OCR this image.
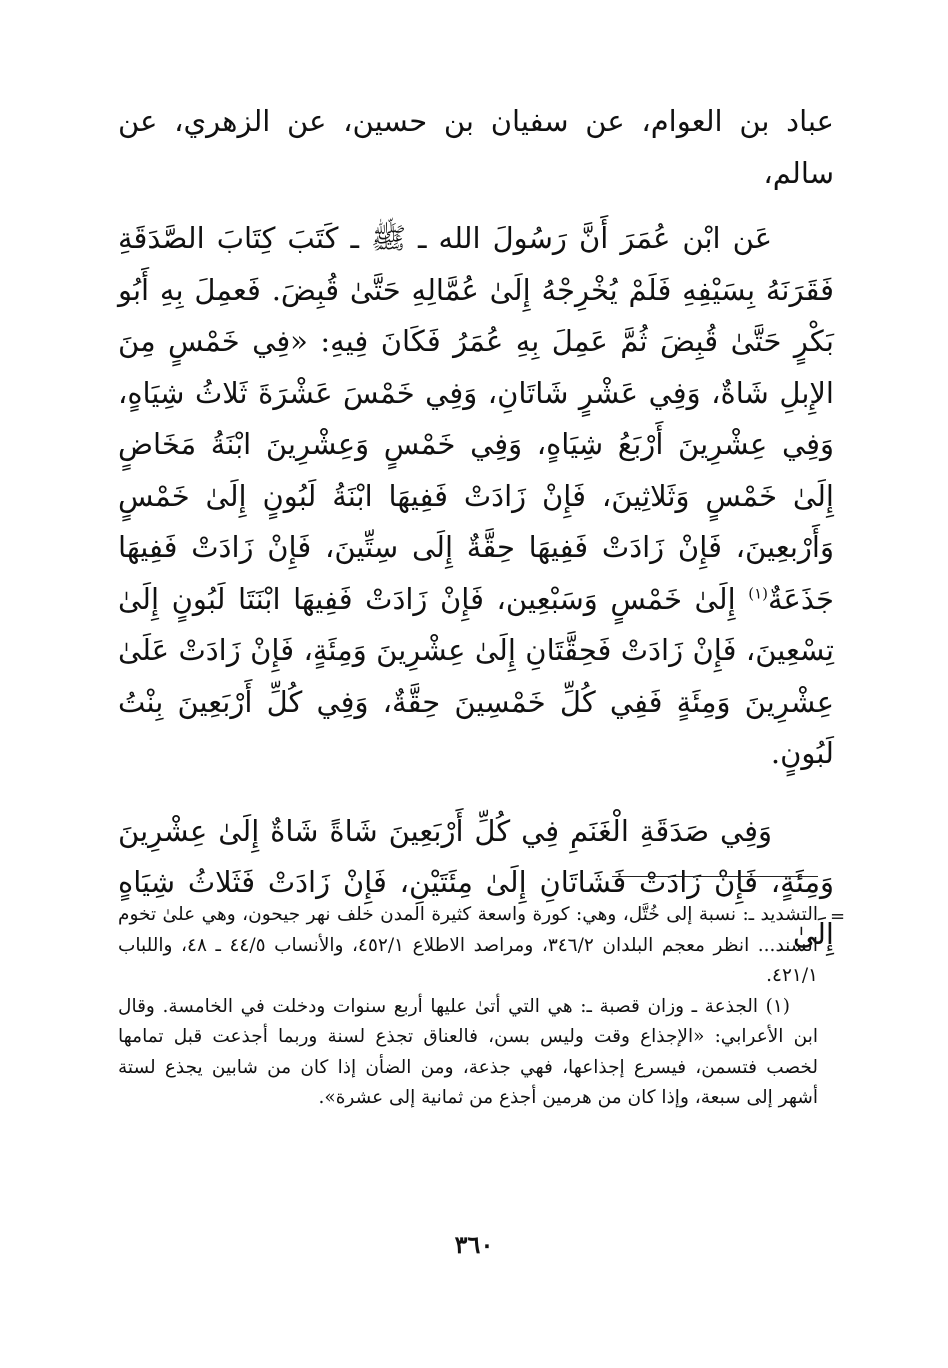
عباد بن العوام، عن سفيان بن حسين، عن الزهري، عن سالم،

عَن ابْن عُمَرَ أَنَّ رَسُولَ الله ـ ﷺ ـ كَتَبَ كِتَابَ الصَّدَقَةِ فَقَرَنَهُ بِسَيْفِهِ فَلَمْ يُخْرِجْهُ إِلَىٰ عُمَّالِهِ حَتَّىٰ قُبِضَ. فَعمِلَ بِهِ أَبُو بَكْرٍ حَتَّىٰ قُبِضَ ثُمَّ عَمِلَ بِهِ عُمَرُ فَكَانَ فِيهِ: «فِي خَمْسٍ مِنَ الإِبلِ شَاةٌ، وَفِي عَشْرٍ شَاتَانِ، وَفِي خَمْسَ عَشْرَةَ ثَلاثُ شِيَاهٍ، وَفِي عِشْرِينَ أَرْبَعُ شِيَاهٍ، وَفِي خَمْسٍ وَعِشْرِينَ ابْنَةُ مَخَاضٍ إِلَىٰ خَمْسٍ وَثَلاثِينَ، فَإِنْ زَادَتْ فَفِيهَا ابْنَةُ لَبُونٍ إِلَىٰ خَمْسٍ وَأَرْبعِينَ، فَإِنْ زَادَتْ فَفِيهَا حِقَّةٌ إِلَى سِتِّينَ، فَإِنْ زَادَتْ فَفِيهَا جَذَعَةٌ$^{(١)}$ إِلَىٰ خَمْسٍ وَسَبْعِين، فَإِنْ زَادَتْ فَفِيهَا ابْنَتَا لَبُونٍ إِلَىٰ تِسْعِينَ، فَإِنْ زَادَتْ فَحِقَّتَانِ إِلَىٰ عِشْرِينَ وَمِئَةٍ، فَإِنْ زَادَتْ عَلَىٰ عِشْرِينَ وَمِئَةٍ فَفِي كُلِّ خَمْسِينَ حِقَّةٌ، وَفِي كُلِّ أَرْبَعِينَ بِنْتُ لَبُونٍ.

وَفِي صَدَقَةِ الْغَنَمِ فِي كُلِّ أَرْبَعِينَ شَاةً شَاةٌ إِلَىٰ عِشْرِينَ وَمِئَةٍ، فَإِنْ زَادَتْ فَشَاتَانِ إِلَىٰ مِئَتَيْنِ، فَإِنْ زَادَتْ فَثَلاثُ شِيَاهٍ إِلَىٰ

=

التشديد ـ: نسبة إلى خُتَّل، وهي: كورة واسعة كثيرة المدن خلف نهر جيحون، وهي علىٰ تخوم السند... انظر معجم البلدان ٣٤٦/٢، ومراصد الاطلاع ٤٥٢/١، والأنساب ٤٤/٥ ـ ٤٨، واللباب ٤٢١/١.

(١) الجذعة ـ وزان قصبة ـ: هي التي أتىٰ عليها أربع سنوات ودخلت في الخامسة. وقال ابن الأعرابي: «الإجذاع وقت وليس بسن، فالعناق تجذع لسنة وربما أجذعت قبل تمامها لخصب فتسمن، فيسرع إجذاعها، فهي جذعة، ومن الضأن إذا كان من شابين يجذع لستة أشهر إلى سبعة، وإذا كان من هرمين أجذع من ثمانية إلى عشرة».

٣٦٠
